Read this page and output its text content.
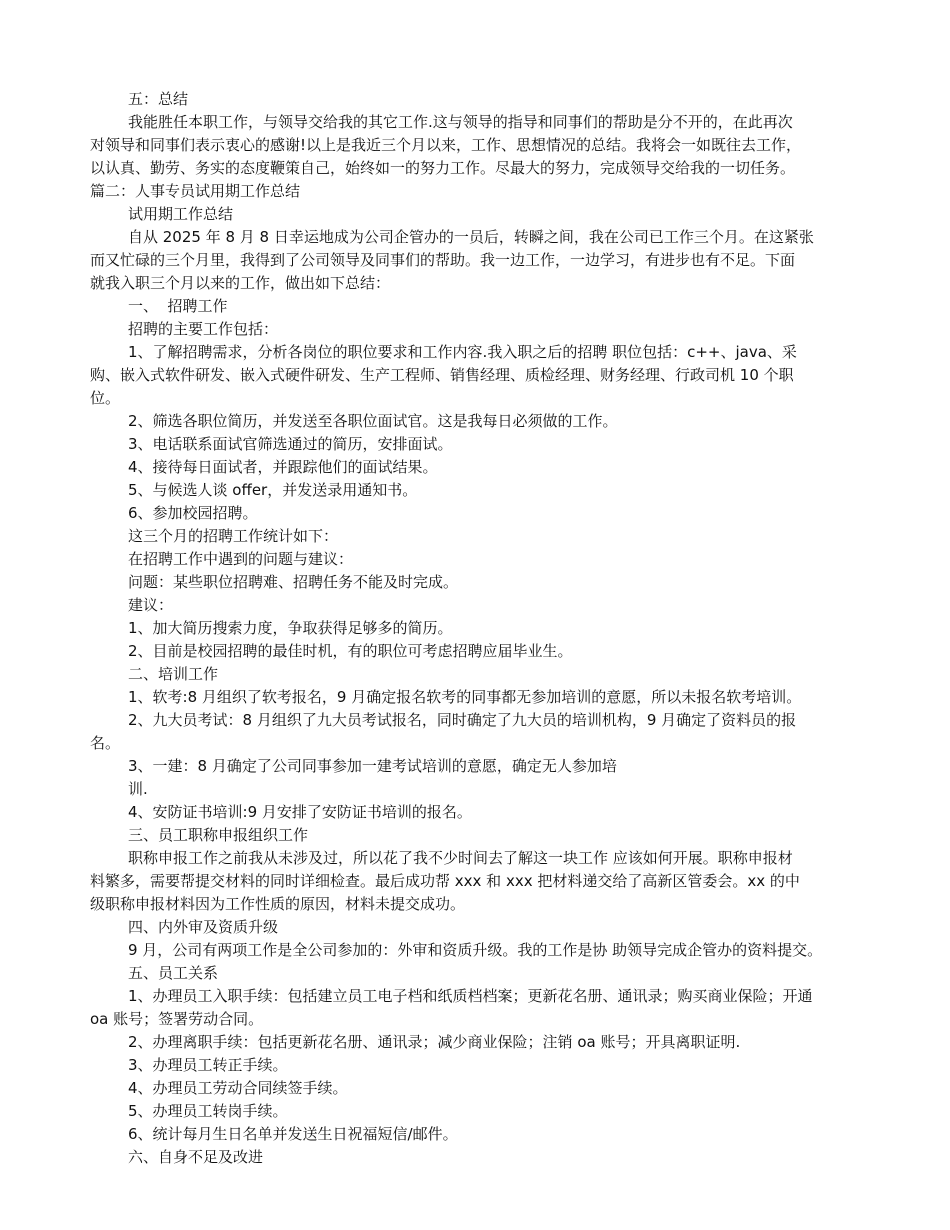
五：总结
我能胜任本职工作，与领导交给我的其它工作.这与领导的指导和同事们的帮助是分不开的，在此再次
对领导和同事们表示衷心的感谢!以上是我近三个月以来，工作、思想情况的总结。我将会一如既往去工作，
以认真、勤劳、务实的态度鞭策自己，始终如一的努力工作。尽最大的努力，完成领导交给我的一切任务。
篇二：人事专员试用期工作总结
试用期工作总结
自从 2025 年 8 月 8 日幸运地成为公司企管办的一员后，转瞬之间，我在公司已工作三个月。在这紧张
而又忙碌的三个月里，我得到了公司领导及同事们的帮助。我一边工作，一边学习，有进步也有不足。下面
就我入职三个月以来的工作，做出如下总结：
一、  招聘工作
招聘的主要工作包括：
1、了解招聘需求，分析各岗位的职位要求和工作内容.我入职之后的招聘 职位包括：c++、java、采
购、嵌入式软件研发、嵌入式硬件研发、生产工程师、销售经理、质检经理、财务经理、行政司机 10 个职
位。
2、筛选各职位简历，并发送至各职位面试官。这是我每日必须做的工作。
3、电话联系面试官筛选通过的简历，安排面试。
4、接待每日面试者，并跟踪他们的面试结果。
5、与候选人谈 offer，并发送录用通知书。
6、参加校园招聘。
这三个月的招聘工作统计如下：
在招聘工作中遇到的问题与建议：
问题：某些职位招聘难、招聘任务不能及时完成。
建议：
1、加大简历搜索力度，争取获得足够多的简历。
2、目前是校园招聘的最佳时机，有的职位可考虑招聘应届毕业生。
二、培训工作
1、软考:8 月组织了软考报名，9 月确定报名软考的同事都无参加培训的意愿，所以未报名软考培训。
2、九大员考试：8 月组织了九大员考试报名，同时确定了九大员的培训机构，9 月确定了资料员的报
名。
3、一建：8 月确定了公司同事参加一建考试培训的意愿，确定无人参加培
训.
4、安防证书培训:9 月安排了安防证书培训的报名。
三、员工职称申报组织工作
职称申报工作之前我从未涉及过，所以花了我不少时间去了解这一块工作 应该如何开展。职称申报材
料繁多，需要帮提交材料的同时详细检查。最后成功帮 xxx 和 xxx 把材料递交给了高新区管委会。xx 的中
级职称申报材料因为工作性质的原因，材料未提交成功。
四、内外审及资质升级
9 月，公司有两项工作是全公司参加的：外审和资质升级。我的工作是协 助领导完成企管办的资料提交。
五、员工关系
1、办理员工入职手续：包括建立员工电子档和纸质档档案；更新花名册、通讯录；购买商业保险；开通
oa 账号；签署劳动合同。
2、办理离职手续：包括更新花名册、通讯录；减少商业保险；注销 oa 账号；开具离职证明.
3、办理员工转正手续。
4、办理员工劳动合同续签手续。
5、办理员工转岗手续。
6、统计每月生日名单并发送生日祝福短信/邮件。
六、自身不足及改进
